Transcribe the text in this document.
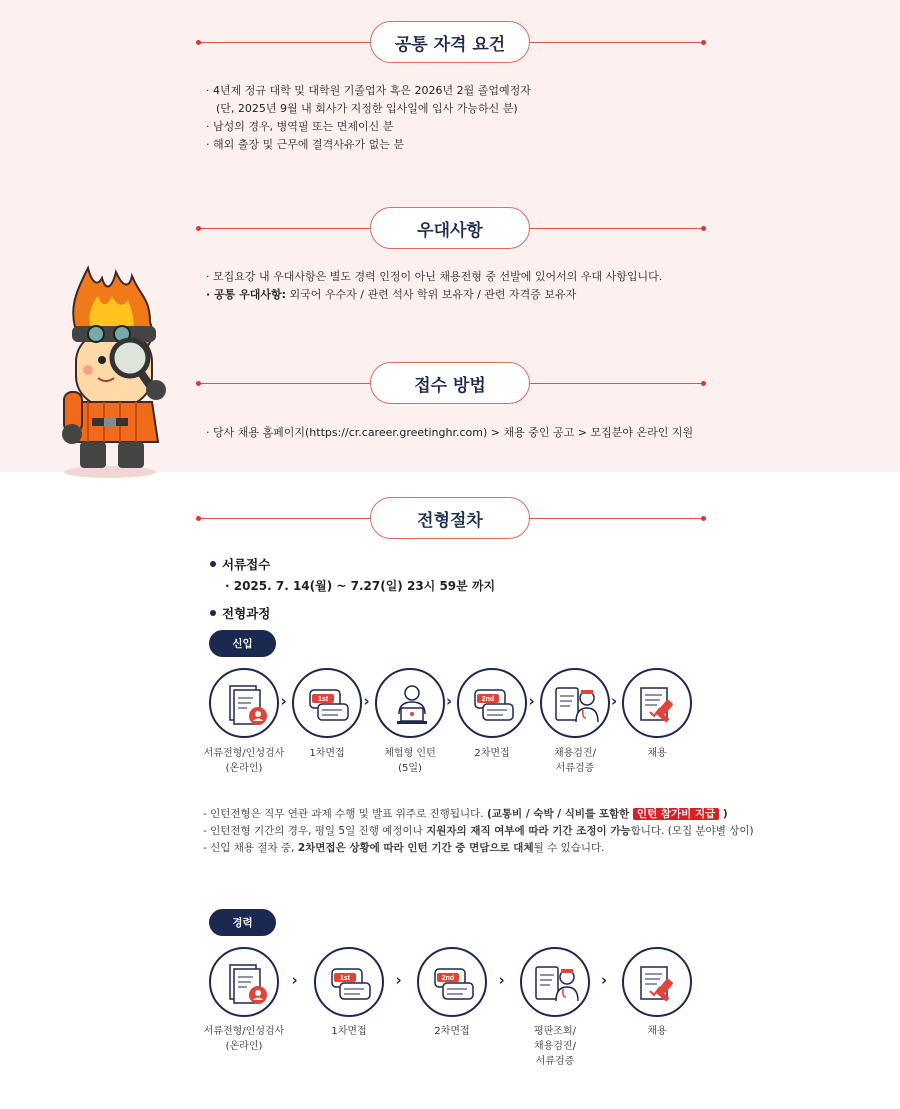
공통 자격 요건
· 4년제 정규 대학 및 대학원 기졸업자 혹은 2026년 2월 졸업예정자
(단, 2025년 9월 내 회사가 지정한 입사일에 입사 가능하신 분)
· 남성의 경우, 병역필 또는 면제이신 분
· 해외 출장 및 근무에 결격사유가 없는 분
우대사항
· 모집요강 내 우대사항은 별도 경력 인정이 아닌 채용전형 중 선발에 있어서의 우대 사항입니다.
· 공통 우대사항: 외국어 우수자 / 관련 석사 학위 보유자 / 관련 자격증 보유자
접수 방법
· 당사 채용 홈페이지(https://cr.career.greetinghr.com) > 채용 중인 공고 > 모집분야 온라인 지원
전형절차
서류접수
· 2025. 7. 14(월) ~ 7.27(일) 23시 59분 까지
전형과정
신입
서류전형/인성검사
(온라인)
›	1st
1차면접
›
체험형 인턴
(5일)
›	2nd
2차면접
›
채용검진/
서류검증
›
채용
- 인턴전형은 직무 연관 과제 수행 및 발표 위주로 진행됩니다. (교통비 / 숙박 / 식비를 포함한 인턴 참가비 지급 )
- 인턴전형 기간의 경우, 평일 5일 진행 예정이나 지원자의 재직 여부에 따라 기간 조정이 가능합니다. (모집 분야별 상이)
- 신입 채용 절차 중, 2차면접은 상황에 따라 인턴 기간 중 면담으로 대체될 수 있습니다.
경력
서류전형/인성검사
(온라인)
›	1st
1차면접
›	2nd
2차면접
›
평판조회/
채용검진/
서류검증
›
채용
